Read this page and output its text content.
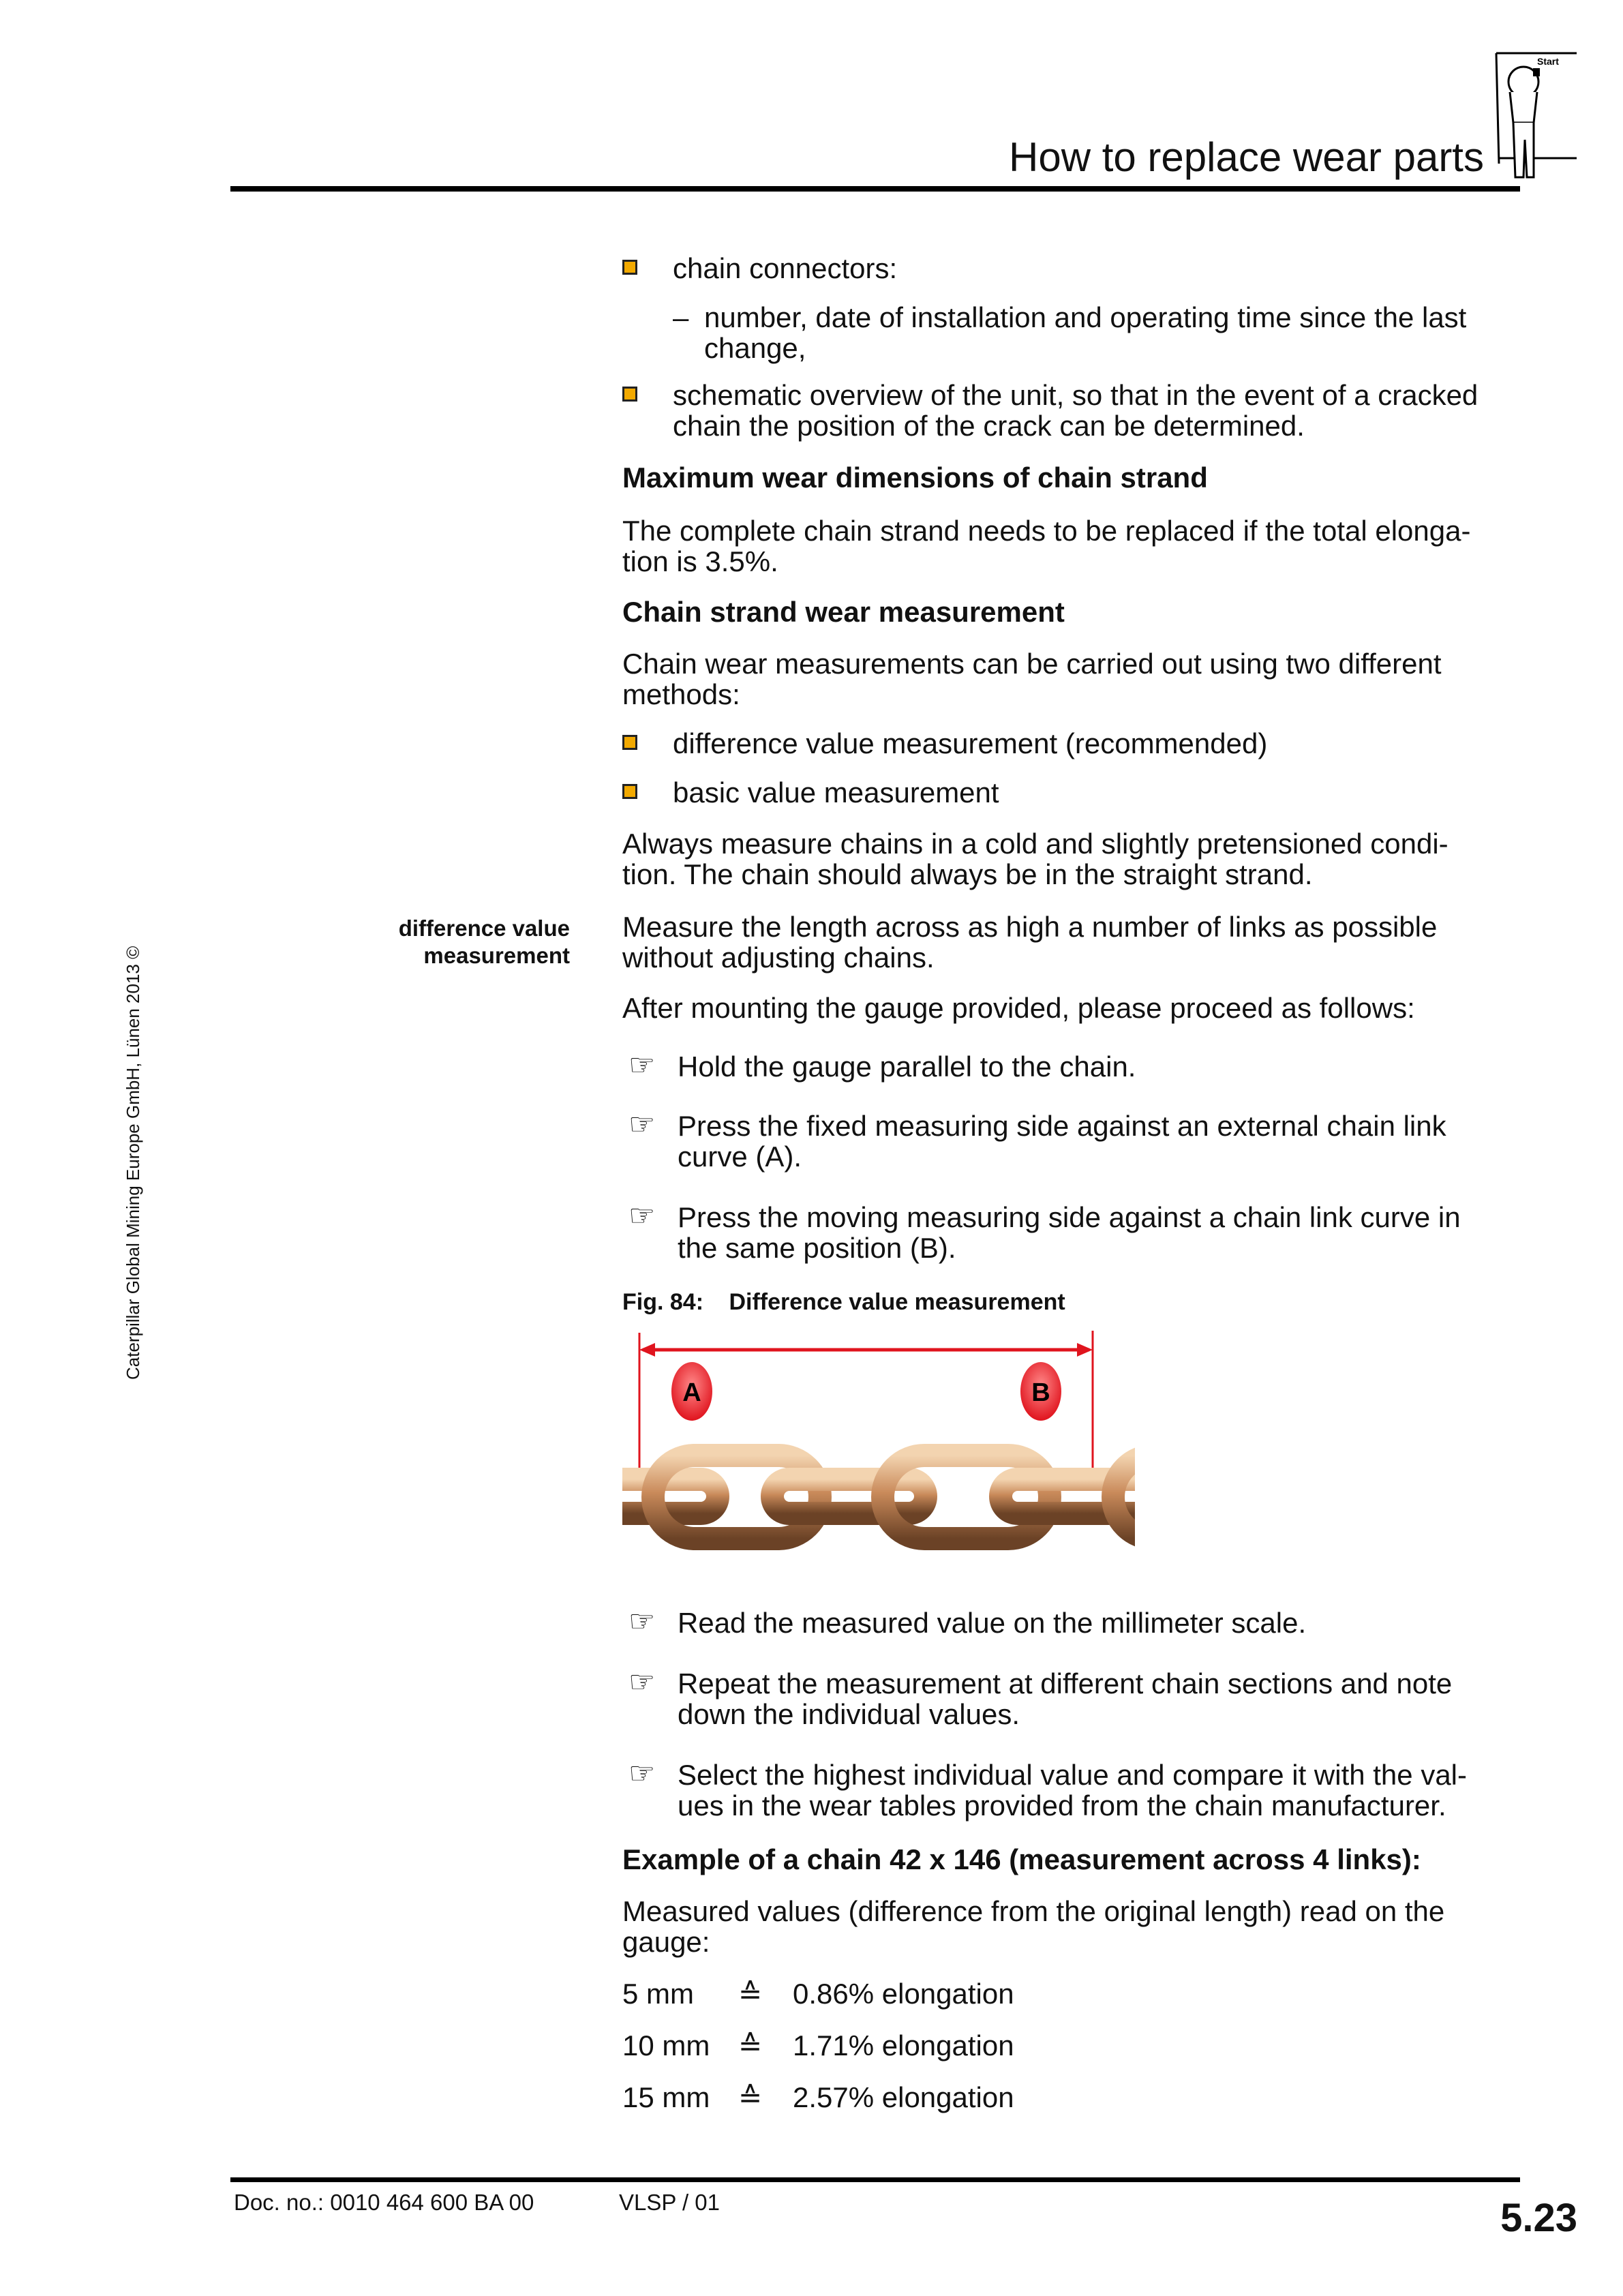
How to replace wear parts
Start
Caterpillar Global Mining Europe GmbH, Lünen 2013 ©
chain connectors:
– number, date of installation and operating time since the last
change,
schematic overview of the unit, so that in the event of a cracked
chain the position of the crack can be determined.
Maximum wear dimensions of chain strand
The complete chain strand needs to be replaced if the total elonga-
tion is 3.5%.
Chain strand wear measurement
Chain wear measurements can be carried out using two different
methods:
difference value measurement (recommended)
basic value measurement
Always measure chains in a cold and slightly pretensioned condi-
tion. The chain should always be in the straight strand.
difference value
measurement
Measure the length across as high a number of links as possible
without adjusting chains.
After mounting the gauge provided, please proceed as follows:
☞ Hold the gauge parallel to the chain.
☞ Press the fixed measuring side against an external chain link
curve (A).
☞ Press the moving measuring side against a chain link curve in
the same position (B).
Fig. 84: Difference value measurement
A	B
☞ Read the measured value on the millimeter scale.
☞ Repeat the measurement at different chain sections and note
down the individual values.
☞ Select the highest individual value and compare it with the val-
ues in the wear tables provided from the chain manufacturer.
Example of a chain 42 x 146 (measurement across 4 links):
Measured values (difference from the original length) read on the
gauge:
5 mm ≙ 0.86% elongation
10 mm ≙ 1.71% elongation
15 mm ≙ 2.57% elongation
Doc. no.: 0010 464 600 BA 00	VLSP / 01	5.23
